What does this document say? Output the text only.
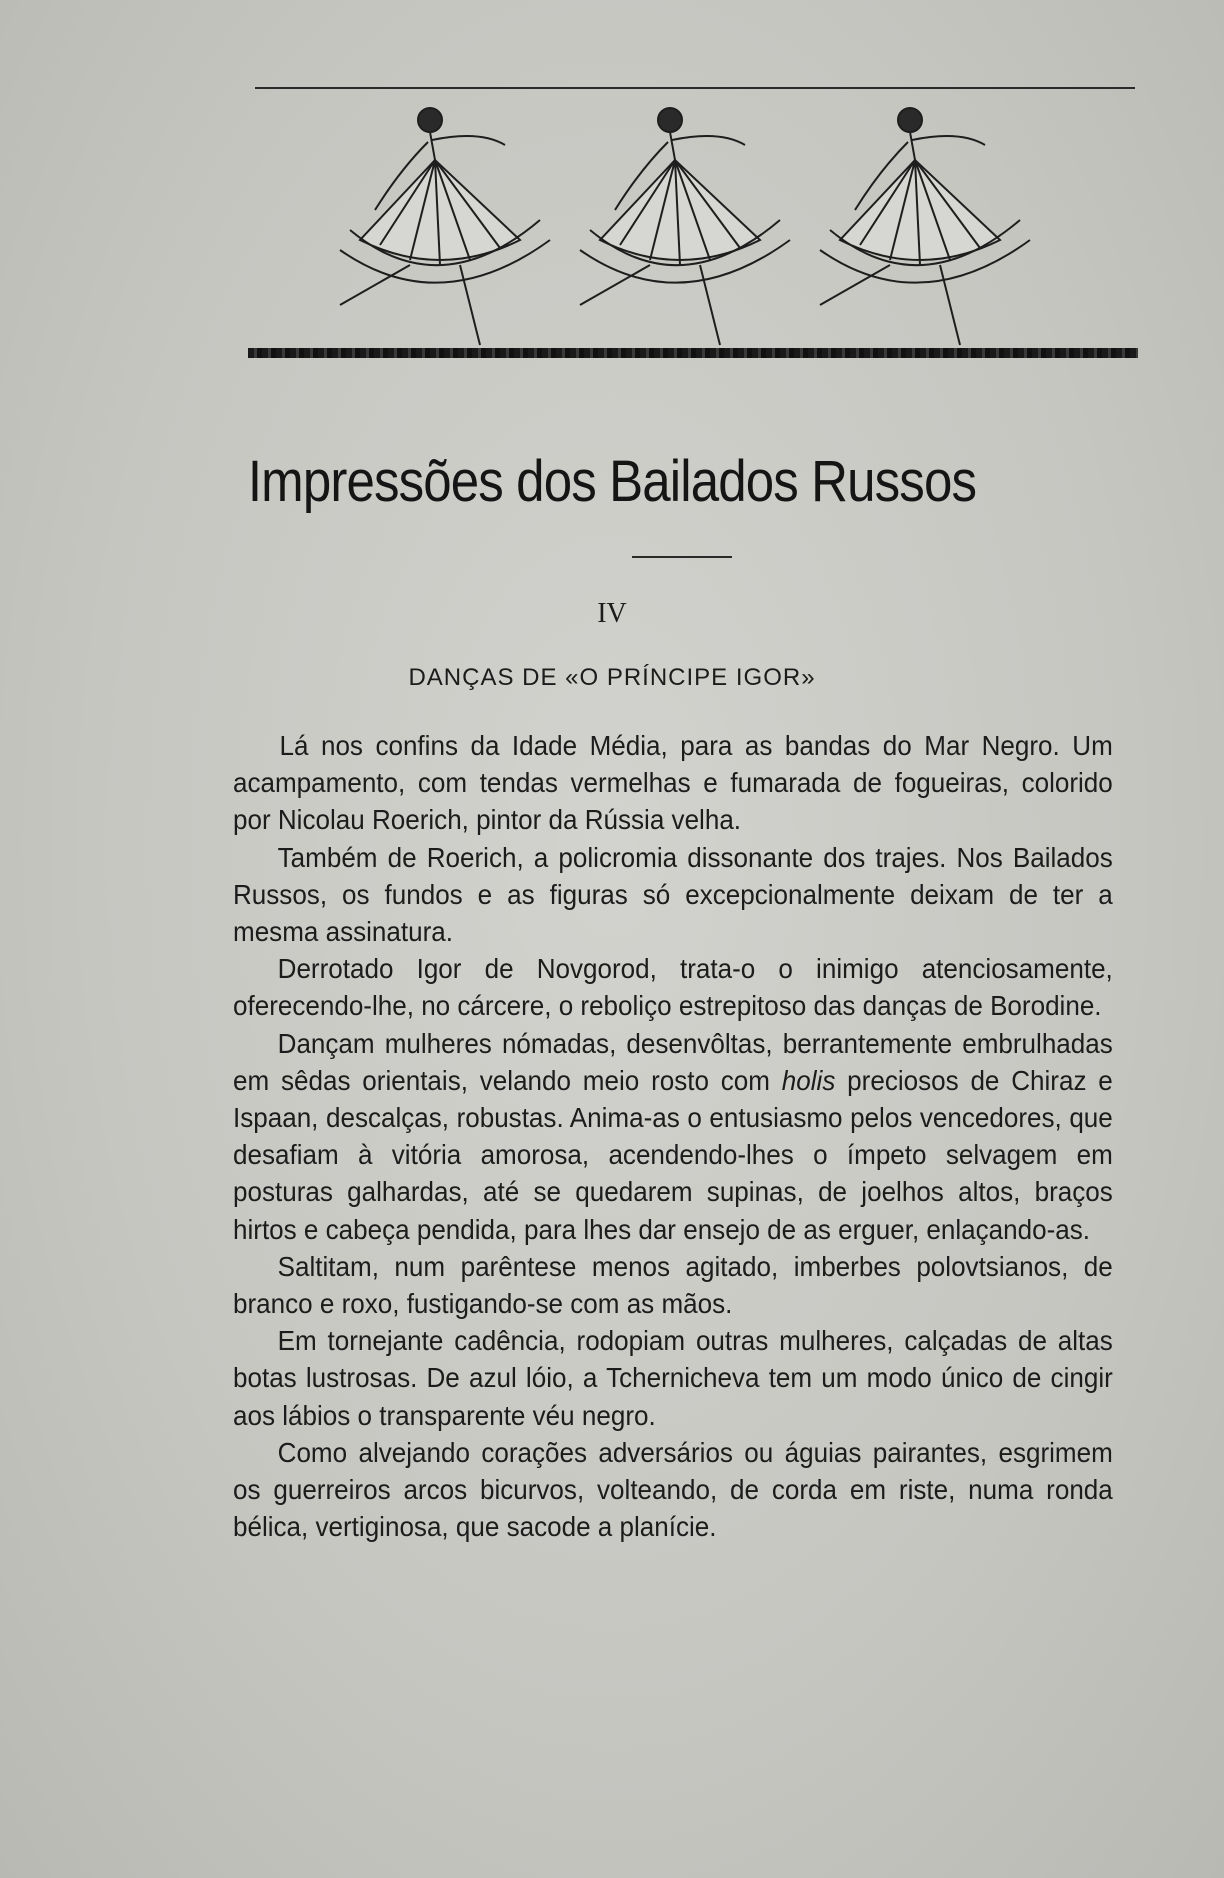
Impressões dos Bailados Russos
IV
DANÇAS DE «O PRÍNCIPE IGOR»

Lá nos confins da Idade Média, para as bandas do Mar Negro. Um acampamento, com tendas vermelhas e fumarada de fogueiras, colorido por Nicolau Roerich, pintor da Rússia velha.

Também de Roerich, a policromia dissonante dos trajes. Nos Bailados Russos, os fundos e as figuras só excepcionalmente deixam de ter a mesma assinatura.

Derrotado Igor de Novgorod, trata-o o inimigo atenciosamente, oferecendo-lhe, no cárcere, o reboliço estrepitoso das danças de Borodine.

Dançam mulheres nómadas, desenvôltas, berrantemente embrulhadas em sêdas orientais, velando meio rosto com holis preciosos de Chiraz e Ispaan, descalças, robustas. Anima-as o entusiasmo pelos vencedores, que desafiam à vitória amorosa, acendendo-lhes o ímpeto selvagem em posturas galhardas, até se quedarem supinas, de joelhos altos, braços hirtos e cabeça pendida, para lhes dar ensejo de as erguer, enlaçando-as.

Saltitam, num parêntese menos agitado, imberbes polovtsianos, de branco e roxo, fustigando-se com as mãos.

Em tornejante cadência, rodopiam outras mulheres, calçadas de altas botas lustrosas. De azul lóio, a Tchernicheva tem um modo único de cingir aos lábios o transparente véu negro.

Como alvejando corações adversários ou águias pairantes, esgrimem os guerreiros arcos bicurvos, volteando, de corda em riste, numa ronda bélica, vertiginosa, que sacode a planície.
